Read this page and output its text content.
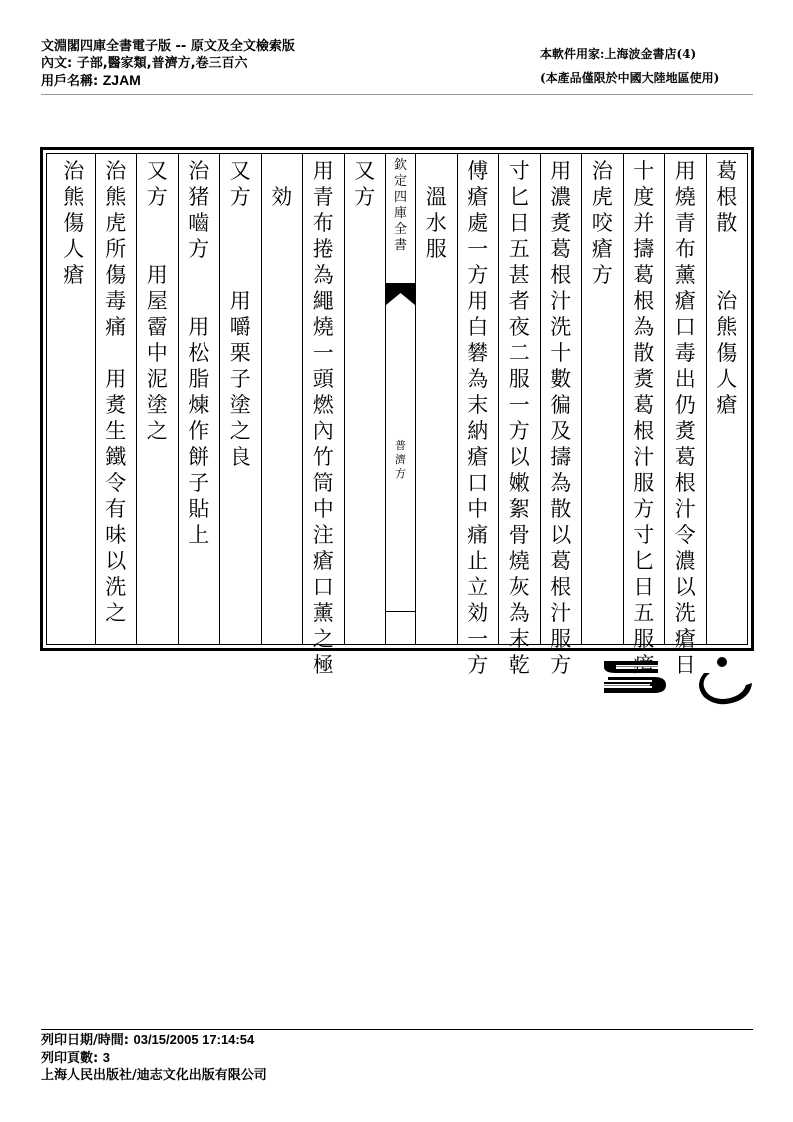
文淵閣四庫全書電子版 -- 原文及全文檢索版
內文: 子部,醫家類,普濟方,卷三百六
用戶名稱: ZJAM
本軟件用家:上海波金書店(4)
(本產品僅限於中國大陸地區使用)
葛
根
散
治
熊
傷
人
瘡
用
燒
青
布
薰
瘡
口
毒
出
仍
煑
葛
根
汁
令
濃
以
洗
瘡
日
十
度
并
擣
葛
根
為
散
煑
葛
根
汁
服
方
寸
匕
日
五
服
治
虎
咬
瘡
方
用
濃
煑
葛
根
汁
洗
十
數
徧
及
擣
為
散
以
葛
根
汁
服
方
寸
匕
日
五
甚
者
夜
二
服
一
方
以
嫩
絮
骨
燒
灰
為
末
乾
傅
瘡
處
一
方
用
白
礬
為
末
納
瘡
口
中
痛
止
立
効
一
方
溫
水
服
欽
定
四
庫
全
書
普
濟
方
又
方
用
青
布
捲
為
繩
燒
一
頭
燃
內
竹
筒
中
注
瘡
口
薰
之
極
効
又
方
用
嚼
栗
子
塗
之
良
治
猪
嚙
方
用
松
脂
煉
作
餅
子
貼
上
又
方
用
屋
霤
中
泥
塗
之
治
熊
虎
所
傷
毒
痛
用
煑
生
鐵
令
有
味
以
洗
之
治
熊
傷
人
瘡
列印日期/時間: 03/15/2005 17:14:54
列印頁數: 3
上海人民出版社/迪志文化出版有限公司
